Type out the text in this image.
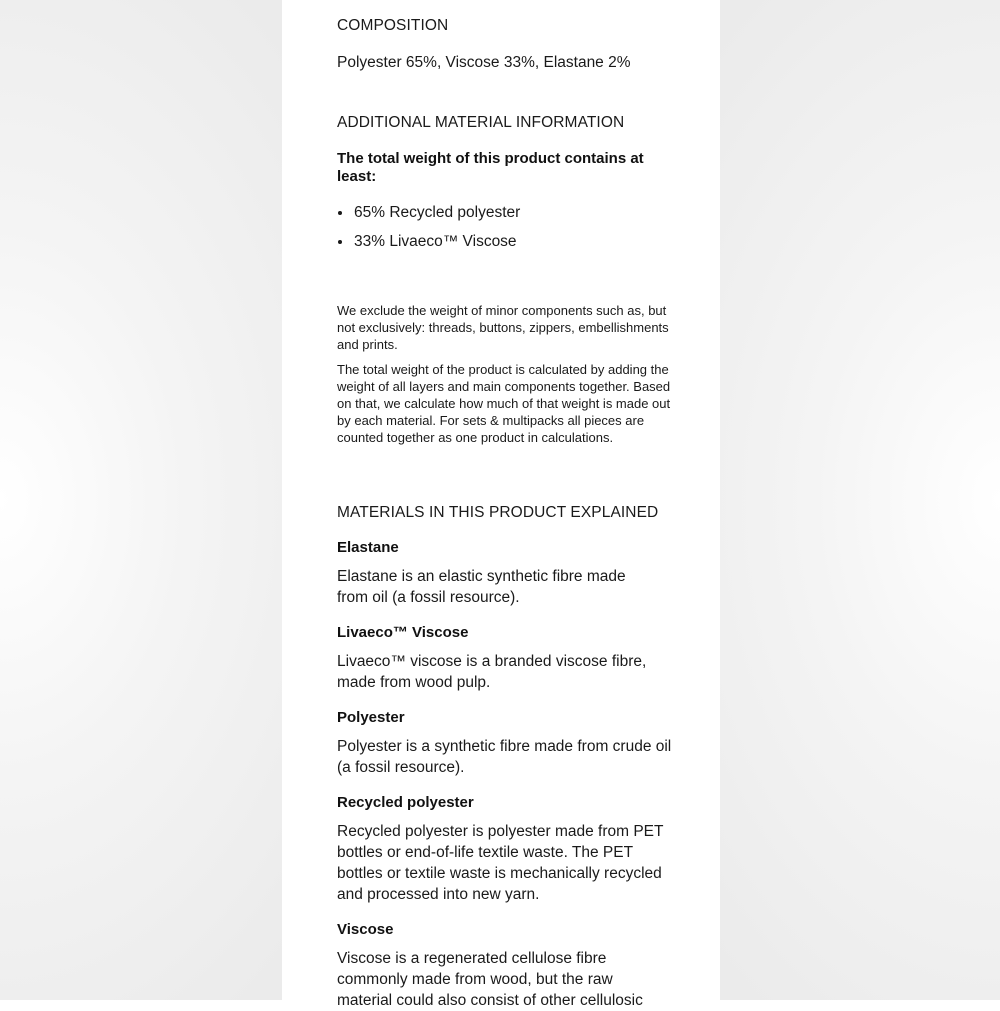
COMPOSITION
Polyester 65%, Viscose 33%, Elastane 2%
ADDITIONAL MATERIAL INFORMATION
The total weight of this product contains at least:
65% Recycled polyester
33% Livaeco™ Viscose
We exclude the weight of minor components such as, but not exclusively: threads, buttons, zippers, embellishments and prints.
The total weight of the product is calculated by adding the weight of all layers and main components together. Based on that, we calculate how much of that weight is made out by each material. For sets & multipacks all pieces are counted together as one product in calculations.
MATERIALS IN THIS PRODUCT EXPLAINED
Elastane
Elastane is an elastic synthetic fibre made from oil (a fossil resource).
Livaeco™ Viscose
Livaeco™ viscose is a branded viscose fibre, made from wood pulp.
Polyester
Polyester is a synthetic fibre made from crude oil (a fossil resource).
Recycled polyester
Recycled polyester is polyester made from PET bottles or end-of-life textile waste. The PET bottles or textile waste is mechanically recycled and processed into new yarn.
Viscose
Viscose is a regenerated cellulose fibre commonly made from wood, but the raw material could also consist of other cellulosic
